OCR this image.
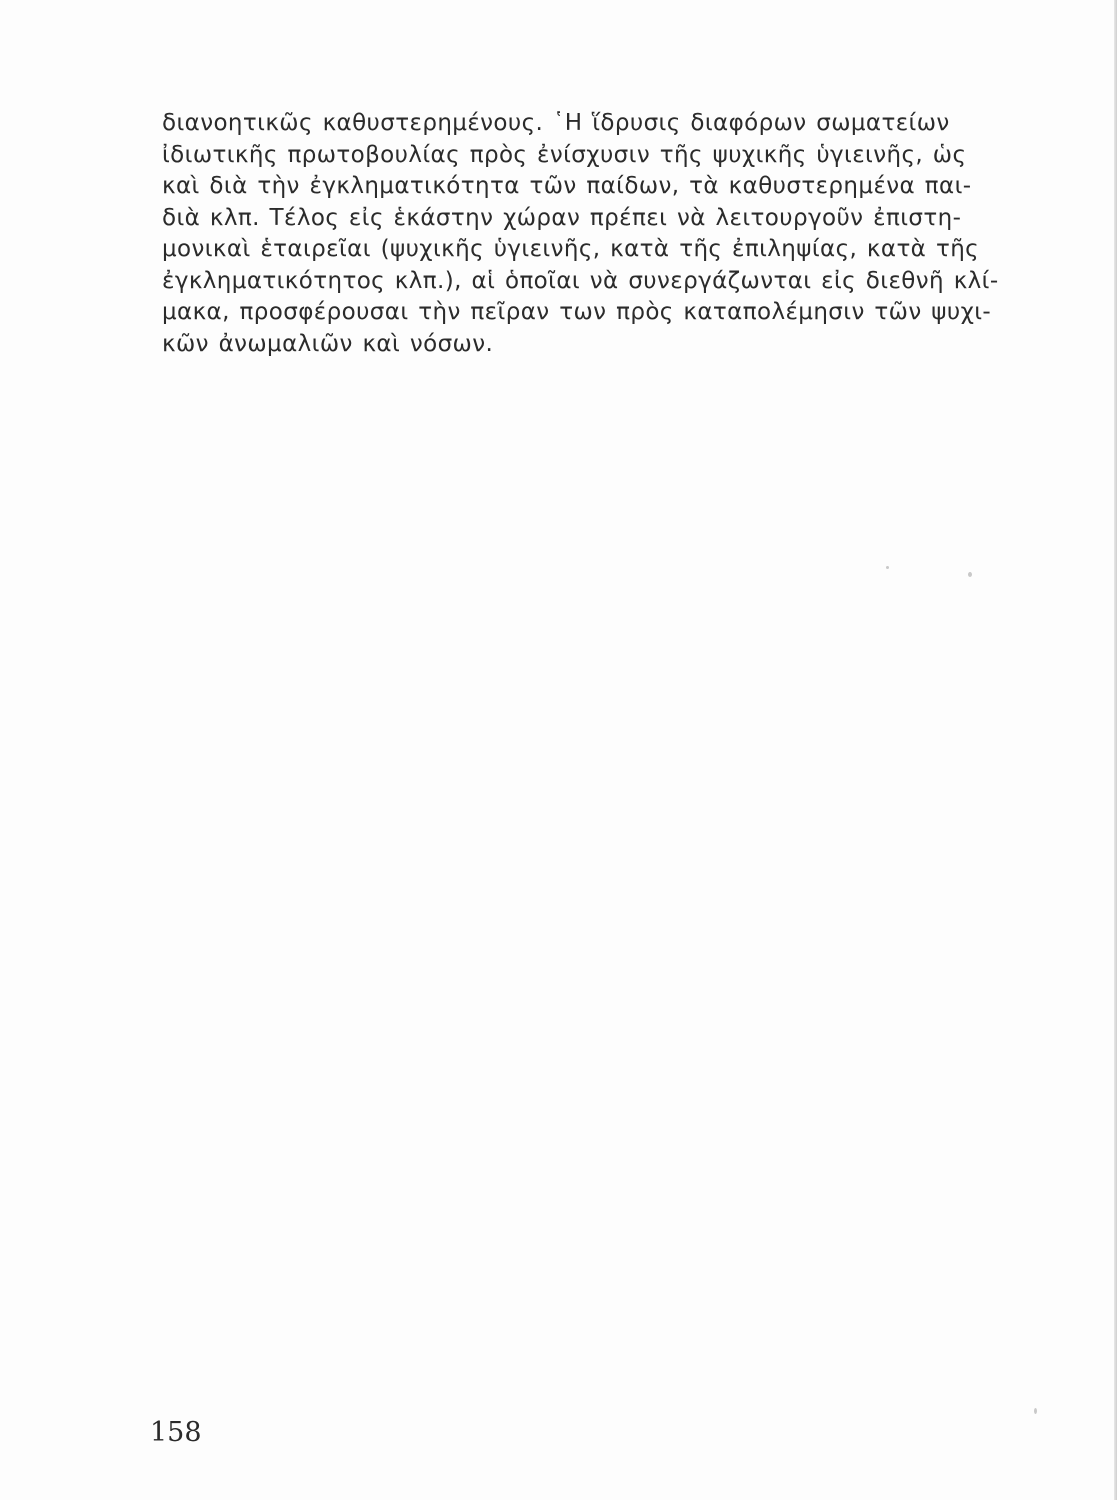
διανοητικῶς καθυστερημένους. ῾Η ἵδρυσις διαφόρων σωματείων
ἰδιωτικῆς πρωτοβουλίας πρὸς ἐνίσχυσιν τῆς ψυχικῆς ὑγιεινῆς, ὡς
καὶ διὰ τὴν ἐγκληματικότητα τῶν παίδων, τὰ καθυστερημένα παι-
διὰ κλπ. Τέλος εἰς ἑκάστην χώραν πρέπει νὰ λειτουργοῦν ἐπιστη-
μονικαὶ ἑταιρεῖαι (ψυχικῆς ὑγιεινῆς, κατὰ τῆς ἐπιληψίας, κατὰ τῆς
ἐγκληματικότητος κλπ.), αἱ ὁποῖαι νὰ συνεργάζωνται εἰς διεθνῆ κλί-
μακα, προσφέρουσαι τὴν πεῖραν των πρὸς καταπολέμησιν τῶν ψυχι-
κῶν ἀνωμαλιῶν καὶ νόσων.
158
